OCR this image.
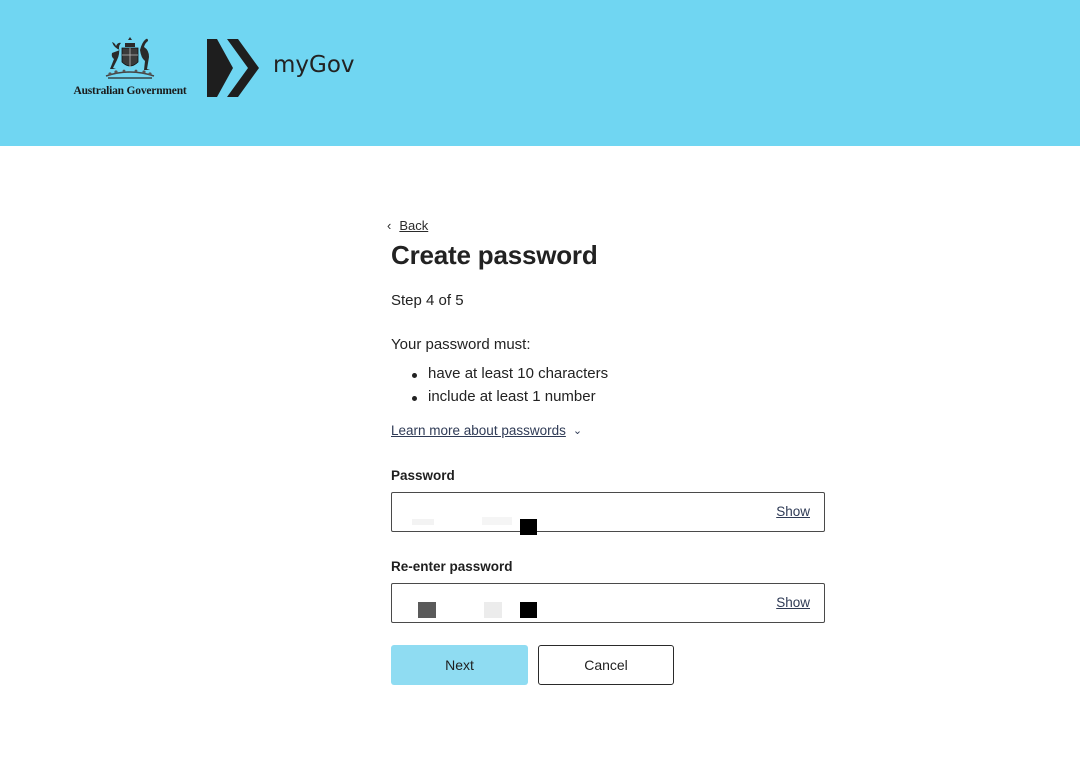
Australian Government
myGov
‹ Back
Create password
Step 4 of 5
Your password must:
have at least 10 characters
include at least 1 number
Learn more about passwords ⌄
Password
Show
Re-enter password
Show
Next	Cancel
